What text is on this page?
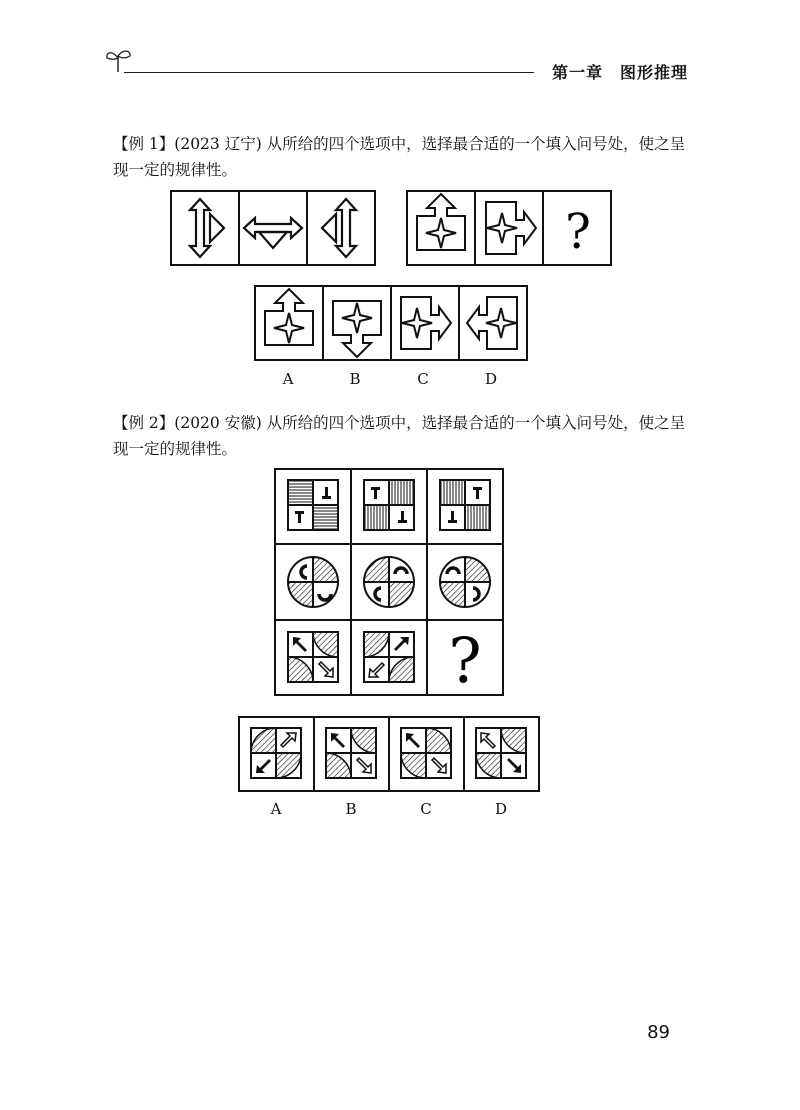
第一章　图形推理
【例 1】(2023 辽宁) 从所给的四个选项中，选择最合适的一个填入问号处，使之呈现一定的规律性。
?
A	B	C	D
【例 2】(2020 安徽) 从所给的四个选项中，选择最合适的一个填入问号处，使之呈现一定的规律性。
?
A	B	C	D
89
